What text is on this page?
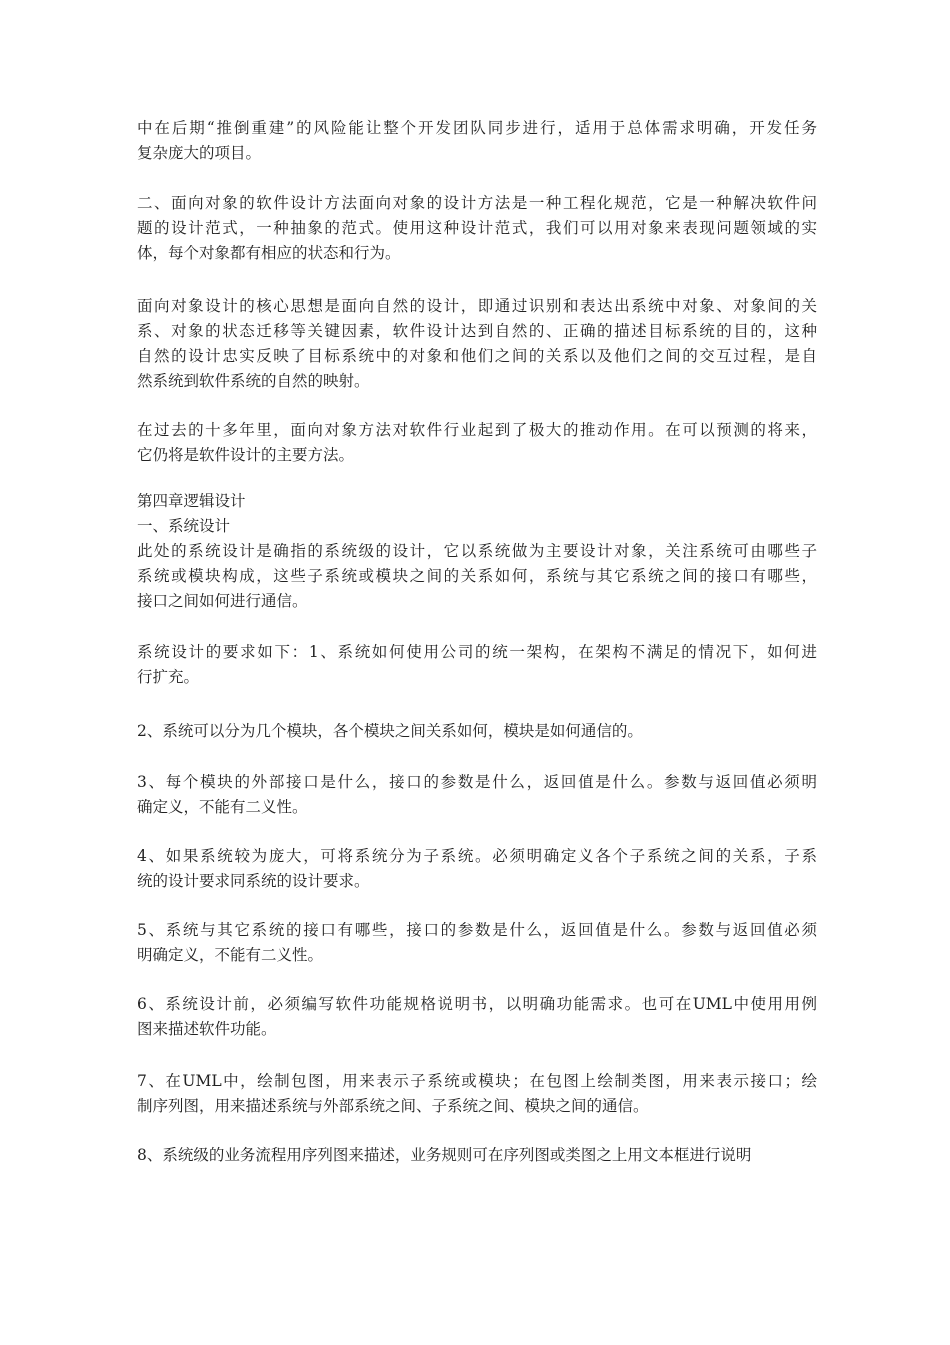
中在后期“推倒重建”的风险能让整个开发团队同步进行，适用于总体需求明确，开发任务
复杂庞大的项目。
二、面向对象的软件设计方法面向对象的设计方法是一种工程化规范，它是一种解决软件问
题的设计范式，一种抽象的范式。使用这种设计范式，我们可以用对象来表现问题领域的实
体，每个对象都有相应的状态和行为。
面向对象设计的核心思想是面向自然的设计，即通过识别和表达出系统中对象、对象间的关
系、对象的状态迁移等关键因素，软件设计达到自然的、正确的描述目标系统的目的，这种
自然的设计忠实反映了目标系统中的对象和他们之间的关系以及他们之间的交互过程，是自
然系统到软件系统的自然的映射。
在过去的十多年里，面向对象方法对软件行业起到了极大的推动作用。在可以预测的将来，
它仍将是软件设计的主要方法。
第四章逻辑设计
一、系统设计
此处的系统设计是确指的系统级的设计，它以系统做为主要设计对象，关注系统可由哪些子
系统或模块构成，这些子系统或模块之间的关系如何，系统与其它系统之间的接口有哪些，
接口之间如何进行通信。
系统设计的要求如下：1、系统如何使用公司的统一架构，在架构不满足的情况下，如何进
行扩充。
2、系统可以分为几个模块，各个模块之间关系如何，模块是如何通信的。
3、每个模块的外部接口是什么，接口的参数是什么，返回值是什么。参数与返回值必须明
确定义，不能有二义性。
4、如果系统较为庞大，可将系统分为子系统。必须明确定义各个子系统之间的关系，子系
统的设计要求同系统的设计要求。
5、系统与其它系统的接口有哪些，接口的参数是什么，返回值是什么。参数与返回值必须
明确定义，不能有二义性。
6、系统设计前，必须编写软件功能规格说明书，以明确功能需求。也可在UML中使用用例
图来描述软件功能。
7、在UML中，绘制包图，用来表示子系统或模块；在包图上绘制类图，用来表示接口；绘
制序列图，用来描述系统与外部系统之间、子系统之间、模块之间的通信。
8、系统级的业务流程用序列图来描述，业务规则可在序列图或类图之上用文本框进行说明
